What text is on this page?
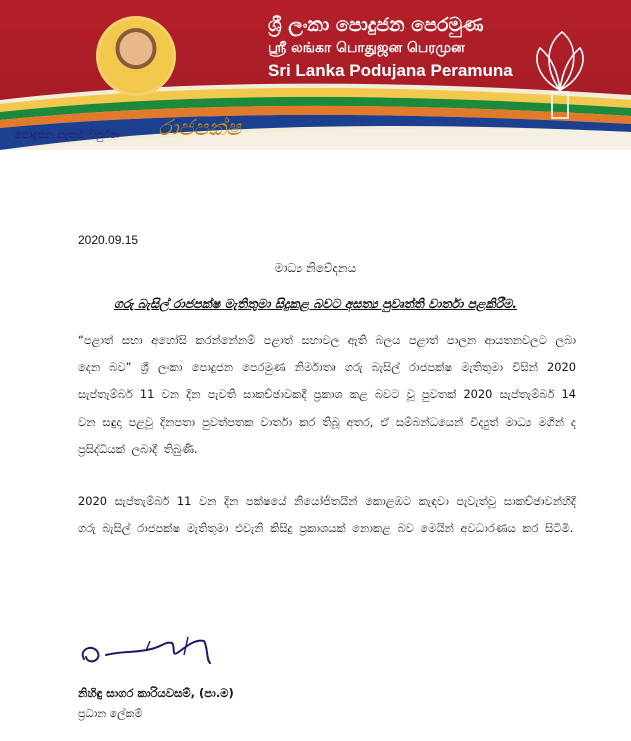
ශ්‍රී ලංකා පොදුජන පෙරමුණ
ஸ்ரீ லங்கா பொதுஜன பெரமுன
Sri Lanka Podujana Peramuna
පොදුජන පැතුම වපුරන රාජපක්ෂ
2020.09.15
මාධ්‍ය නිවේදනය
ගරු බැසිල් රාජපක්ෂ මැතිතුමා සිදුකළ බවට අසත්‍ය පුවෘත්ති වාර්තා පළකිරීම.
“පළාත් සභා අහෝසි කරන්නේනම් පළාත් සභාවල ඇති බලය පළාත් පාලන ආයතනවලට ලබා දෙන බව” ශ්‍රී ලංකා පොදුජන පෙරමුණ නිර්මාතෘ ගරු බැසිල් රාජපක්ෂ මැතිතුමා විසින් 2020 සැප්තැම්බර් 11 වන දින පැවති සාකච්ඡාවකදී ප්‍රකාශ කළ බවට වූ පුවතක් 2020 සැප්තැම්බර් 14 වන සඳුදා පළවූ දිනපතා පුවත්පතක වාර්තා කර තිබූ අතර, ඒ සම්බන්ධයෙන් විද්‍යුත් මාධ්‍ය මගින් ද ප්‍රසිද්ධියක් ලබාදී තිබුණි.
2020 සැප්තැම්බර් 11 වන දින පක්ෂයේ නියෝජිතයින් කොළඹට කැඳවා පැවැත්වූ සාකච්ඡාවන්හිදී ගරු බැසිල් රාජපක්ෂ මැතිතුමා එවැනි කිසිදු ප්‍රකාශයක් නොකළ බව මෙයින් අවධාරණය කර සිටිමි.
නිහිඳු සාගර කාරියවසම්, (පා.ම)
ප්‍රධාන ලේකම්
